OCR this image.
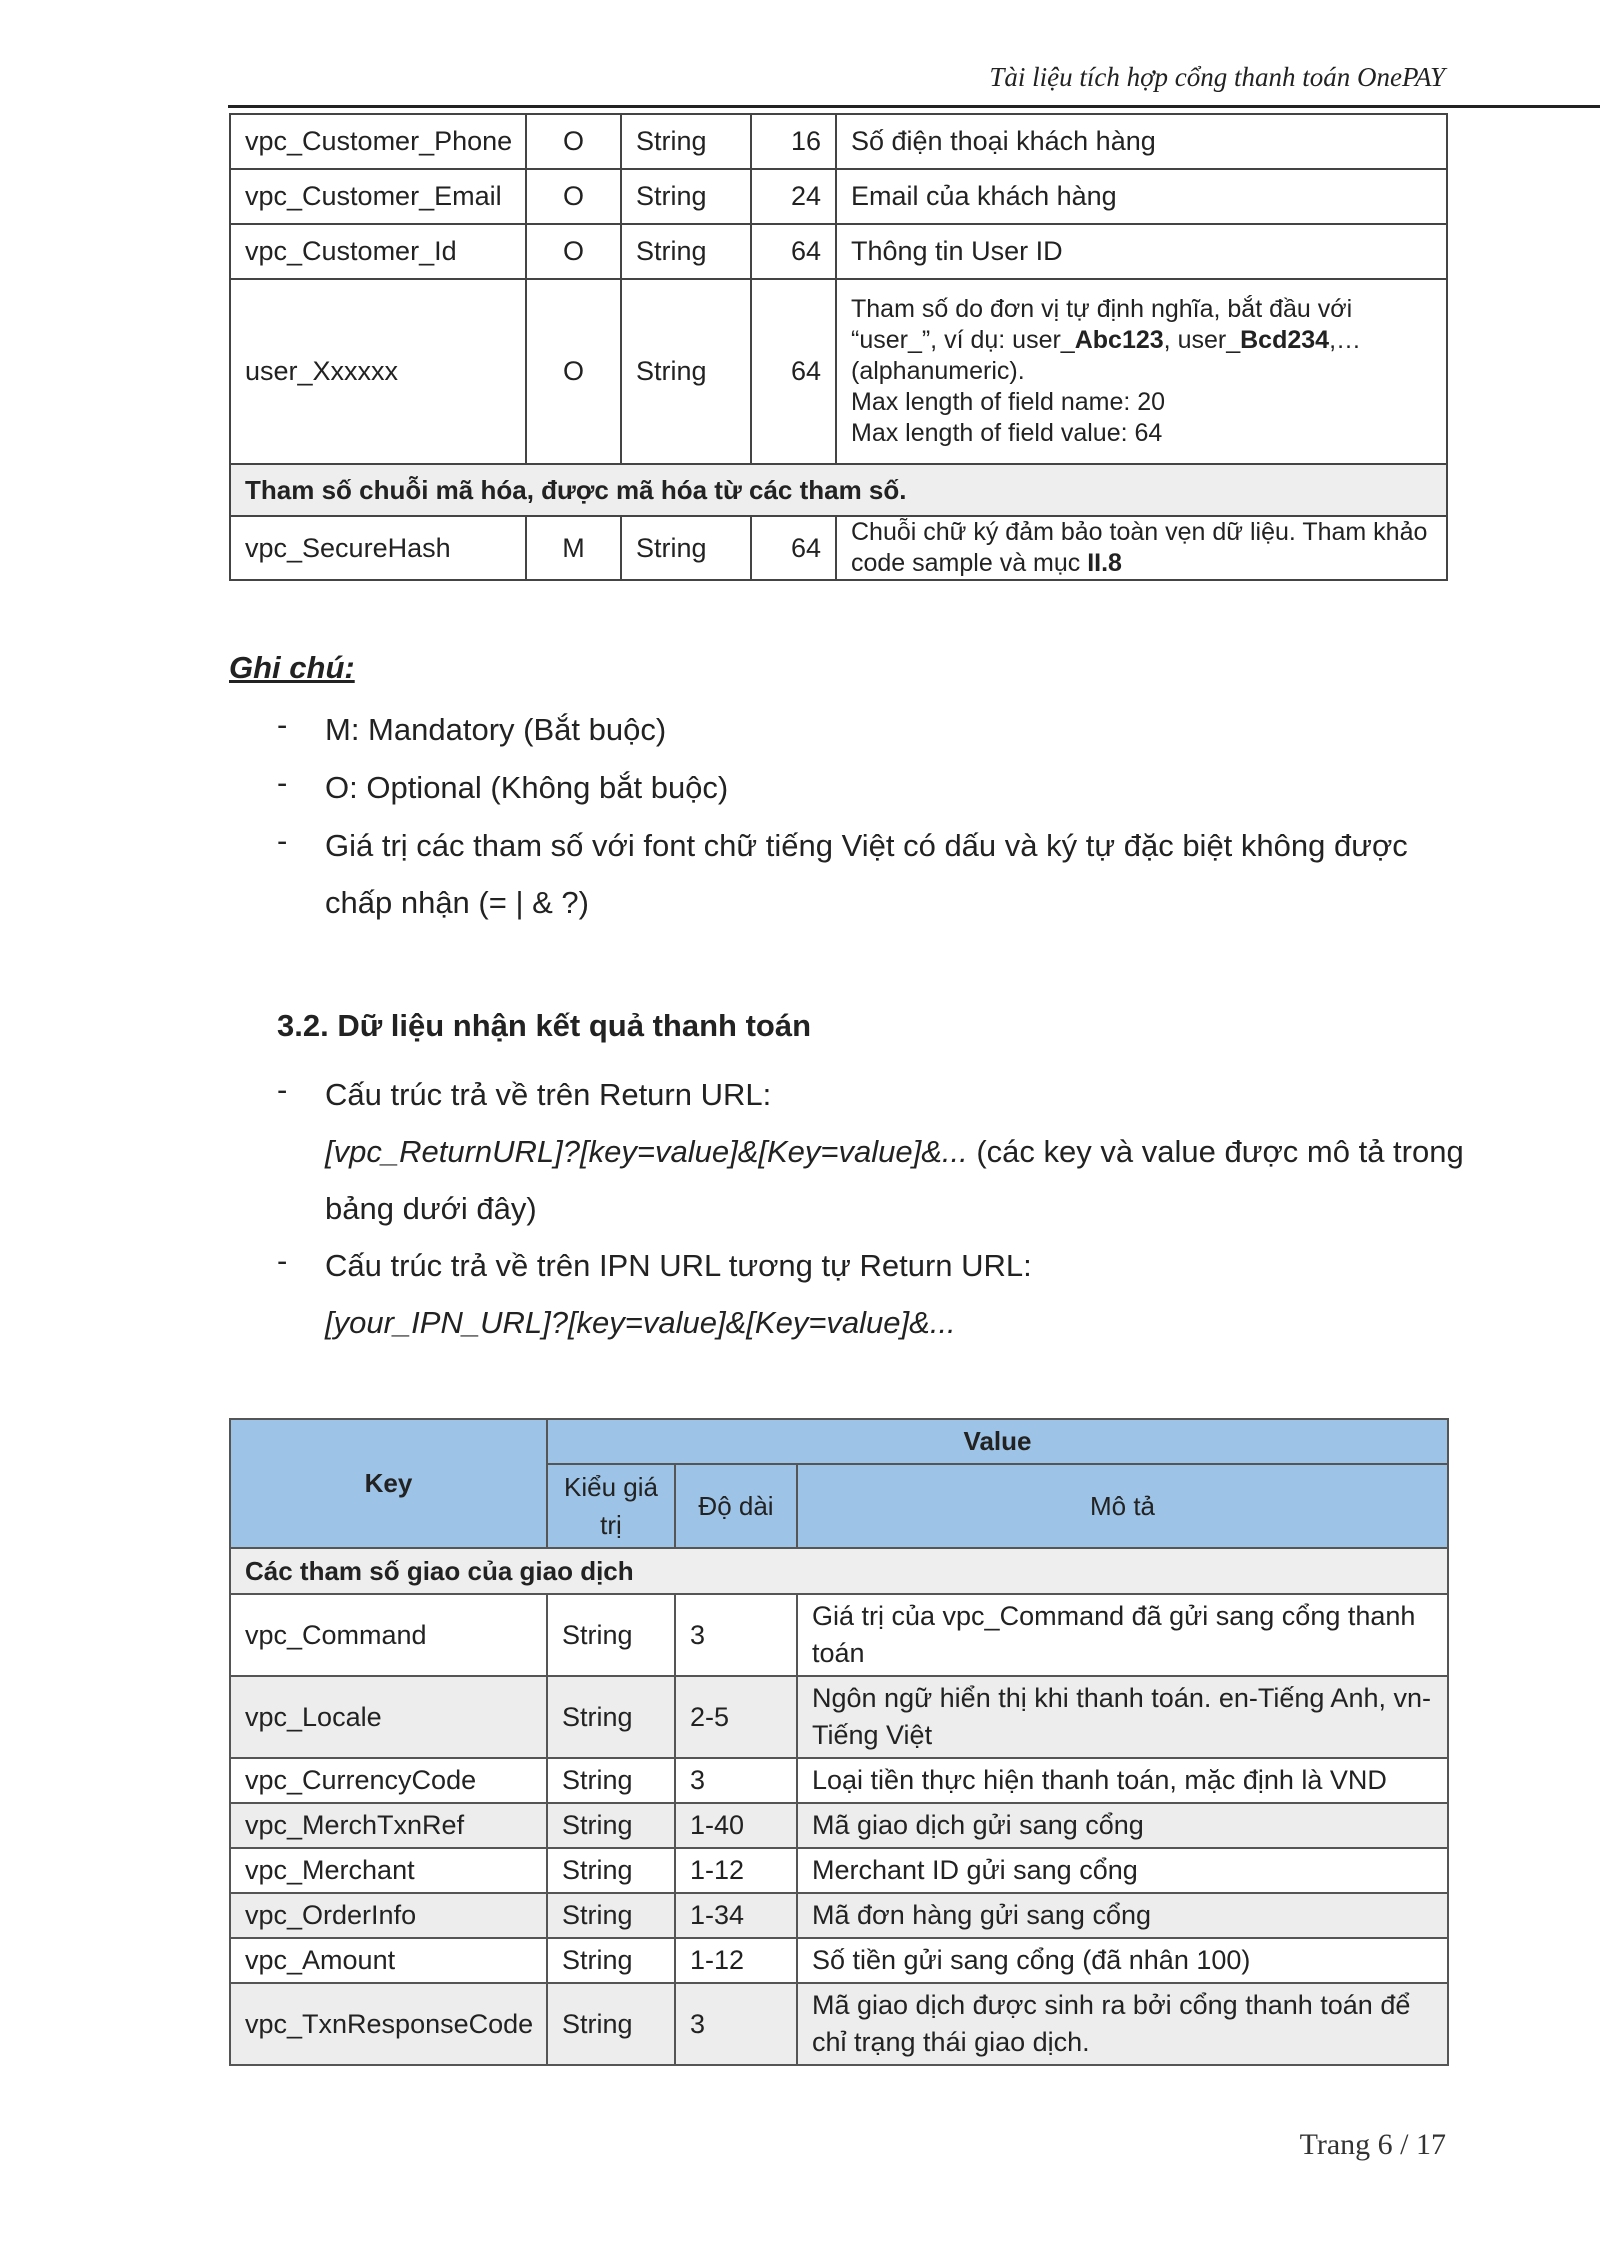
Tài liệu tích hợp cổng thanh toán OnePAY
vpc_Customer_Phone	O	String	16	Số điện thoại khách hàng
vpc_Customer_Email	O	String	24	Email của khách hàng
vpc_Customer_Id	O	String	64	Thông tin User ID
user_Xxxxxx	O	String	64	Tham số do đơn vị tự định nghĩa, bắt đầu với “user_”, ví dụ: user_Abc123, user_Bcd234,… (alphanumeric).
Max length of field name: 20
Max length of field value: 64

Tham số chuỗi mã hóa, được mã hóa từ các tham số.				
vpc_SecureHash	M	String	64	Chuỗi chữ ký đảm bảo toàn vẹn dữ liệu. Tham khảo code sample và mục II.8
Ghi chú:
- M: Mandatory (Bắt buộc)
- O: Optional (Không bắt buộc)
- Giá trị các tham số với font chữ tiếng Việt có dấu và ký tự đặc biệt không được chấp nhận (= | & ?)
3.2. Dữ liệu nhận kết quả thanh toán
- Cấu trúc trả về trên Return URL:
[vpc_ReturnURL]?[key=value]&[Key=value]&... (các key và value được mô tả trong bảng dưới đây)
- Cấu trúc trả về trên IPN URL tương tự Return URL:
[your_IPN_URL]?[key=value]&[Key=value]&...
Key	Value		
	Kiểu giá trị	Độ dài	Mô tả
Các tham số giao của giao dịch			
vpc_Command	String	3	Giá trị của vpc_Command đã gửi sang cổng thanh toán
vpc_Locale	String	2-5	Ngôn ngữ hiển thị khi thanh toán. en-Tiếng Anh, vn-Tiếng Việt
vpc_CurrencyCode	String	3	Loại tiền thực hiện thanh toán, mặc định là VND
vpc_MerchTxnRef	String	1-40	Mã giao dịch gửi sang cổng
vpc_Merchant	String	1-12	Merchant ID gửi sang cổng
vpc_OrderInfo	String	1-34	Mã đơn hàng gửi sang cổng
vpc_Amount	String	1-12	Số tiền gửi sang cổng (đã nhân 100)
vpc_TxnResponseCode	String	3	Mã giao dịch được sinh ra bởi cổng thanh toán để chỉ trạng thái giao dịch.
Trang 6 / 17
